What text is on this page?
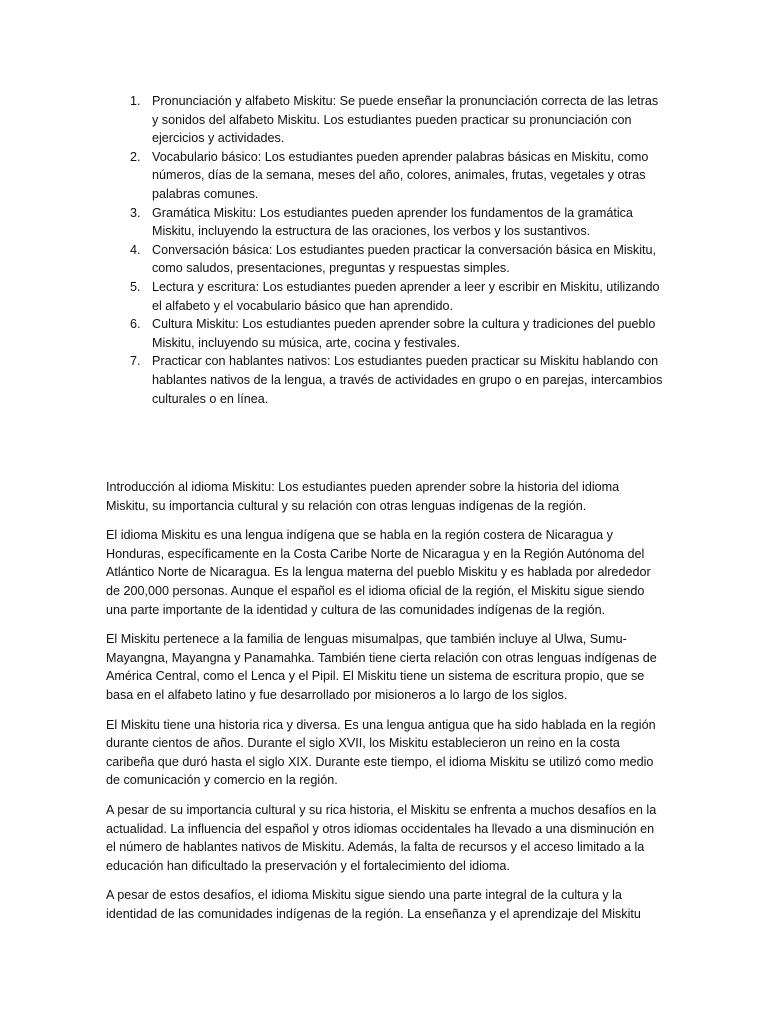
1. Pronunciación y alfabeto Miskitu: Se puede enseñar la pronunciación correcta de las letras y sonidos del alfabeto Miskitu. Los estudiantes pueden practicar su pronunciación con ejercicios y actividades.
2. Vocabulario básico: Los estudiantes pueden aprender palabras básicas en Miskitu, como números, días de la semana, meses del año, colores, animales, frutas, vegetales y otras palabras comunes.
3. Gramática Miskitu: Los estudiantes pueden aprender los fundamentos de la gramática Miskitu, incluyendo la estructura de las oraciones, los verbos y los sustantivos.
4. Conversación básica: Los estudiantes pueden practicar la conversación básica en Miskitu, como saludos, presentaciones, preguntas y respuestas simples.
5. Lectura y escritura: Los estudiantes pueden aprender a leer y escribir en Miskitu, utilizando el alfabeto y el vocabulario básico que han aprendido.
6. Cultura Miskitu: Los estudiantes pueden aprender sobre la cultura y tradiciones del pueblo Miskitu, incluyendo su música, arte, cocina y festivales.
7. Practicar con hablantes nativos: Los estudiantes pueden practicar su Miskitu hablando con hablantes nativos de la lengua, a través de actividades en grupo o en parejas, intercambios culturales o en línea.

Introducción al idioma Miskitu: Los estudiantes pueden aprender sobre la historia del idioma Miskitu, su importancia cultural y su relación con otras lenguas indígenas de la región.

El idioma Miskitu es una lengua indígena que se habla en la región costera de Nicaragua y Honduras, específicamente en la Costa Caribe Norte de Nicaragua y en la Región Autónoma del Atlántico Norte de Nicaragua. Es la lengua materna del pueblo Miskitu y es hablada por alrededor de 200,000 personas. Aunque el español es el idioma oficial de la región, el Miskitu sigue siendo una parte importante de la identidad y cultura de las comunidades indígenas de la región.

El Miskitu pertenece a la familia de lenguas misumalpas, que también incluye al Ulwa, Sumu-Mayangna, Mayangna y Panamahka. También tiene cierta relación con otras lenguas indígenas de América Central, como el Lenca y el Pipil. El Miskitu tiene un sistema de escritura propio, que se basa en el alfabeto latino y fue desarrollado por misioneros a lo largo de los siglos.

El Miskitu tiene una historia rica y diversa. Es una lengua antigua que ha sido hablada en la región durante cientos de años. Durante el siglo XVII, los Miskitu establecieron un reino en la costa caribeña que duró hasta el siglo XIX. Durante este tiempo, el idioma Miskitu se utilizó como medio de comunicación y comercio en la región.

A pesar de su importancia cultural y su rica historia, el Miskitu se enfrenta a muchos desafíos en la actualidad. La influencia del español y otros idiomas occidentales ha llevado a una disminución en el número de hablantes nativos de Miskitu. Además, la falta de recursos y el acceso limitado a la educación han dificultado la preservación y el fortalecimiento del idioma.

A pesar de estos desafíos, el idioma Miskitu sigue siendo una parte integral de la cultura y la identidad de las comunidades indígenas de la región. La enseñanza y el aprendizaje del Miskitu
